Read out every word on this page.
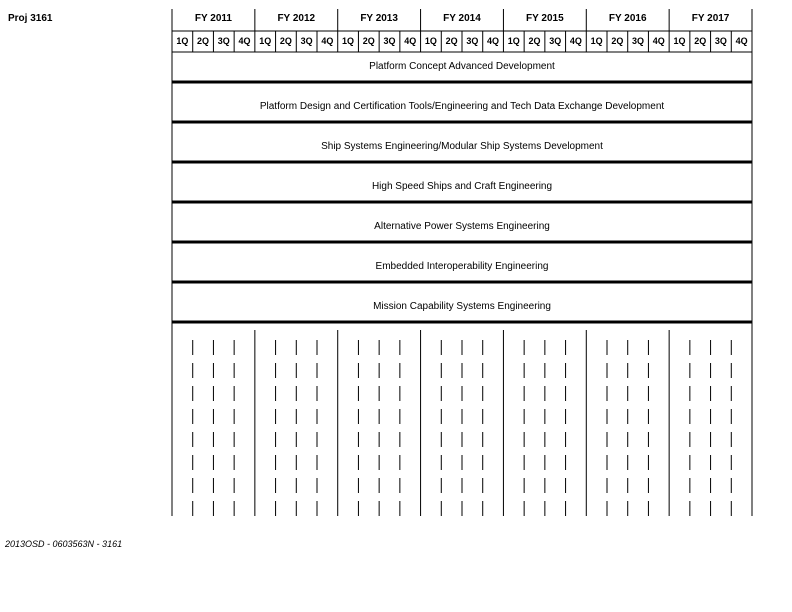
Proj 3161
Platform Concept Advanced Development
Platform Design and Certification Tools/Engineering and Tech Data Exchange Development
Ship Systems Engineering/Modular Ship Systems Development
High Speed Ships and Craft Engineering
Alternative Power Systems Engineering
Embedded Interoperability Engineering
Mission Capability Systems Engineering
FY 2011
1Q 2Q 3Q 4Q
FY 2012
1Q 2Q 3Q 4Q
FY 2013
1Q 2Q 3Q 4Q
FY 2014
1Q 2Q 3Q 4Q
FY 2015
1Q 2Q 3Q 4Q
FY 2016
1Q 2Q 3Q 4Q
FY 2017
1Q 2Q 3Q 4Q
2013OSD - 0603563N - 3161
